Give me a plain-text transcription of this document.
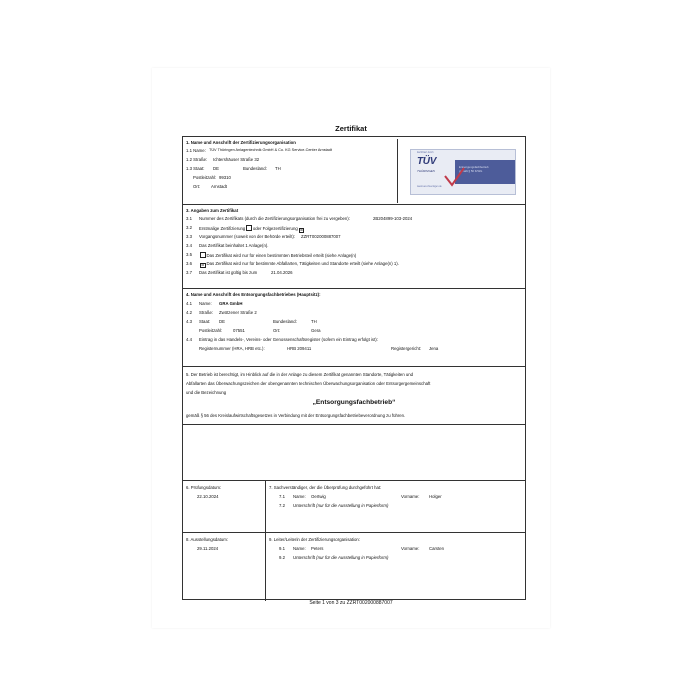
Zertifikat
1. Name und Anschrift der Zertifizierungsorganisation
1.1 Name: TÜV Thüringen Anlagentechnik GmbH & Co. KG Service-Center Arnstadt
1.2 Straße: Ichtershäuser Straße 32
1.3 Staat: DE	Bundesland: TH
Postleitzahl: 99310
Ort:	Arnstadt
Zertifiziert durch
TÜV
THÜRINGEN
www.tuev-thueringen.de
Entsorgungsfachbetrieb
gemäß § 56 KrWG
3. Angaben zum Zertifikat
3.1 Nummer des Zertifikats (durch die Zertifizierungsorganisation frei zu vergeben):	2B204899-103-2024
3.2 Erstmalige Zertifizierung oder Folgezertifizierung ⊠
3.3 Vorgangsnummer (soweit von der Behörde erteilt): ZZRT002000887007
3.4 Das Zertifikat beinhaltet 1 Anlage(n).
3.5	Das Zertifikat wird nur für einen bestimmten Betriebsteil erteilt (siehe Anlage(n)
3.6	⊠ Das Zertifikat wird nur für bestimmte Abfallarten, Tätigkeiten und Standorte erteilt (siehe Anlage(n) 1).
3.7 Das Zertifikat ist gültig bis zum	21.04.2026
4. Name und Anschrift des Entsorgungsfachbetriebes (Hauptsitz):
4.1 Name: GRA GmbH
4.2 Straße: Zwötzener Straße 2
4.3 Staat: DE	Bundesland:	TH
Postleitzahl:	07551	Ort:	Gera
4.4 Eintrag in das Handels-, Vereins- oder Genossenschaftsregister (sofern ein Eintrag erfolgt ist):
Registernummer (HRA, HRB etc.):	HRB 209411	Registergericht: Jena
5. Der Betrieb ist berechtigt, im Hinblick auf die in der Anlage zu diesem Zertifikat genannten Standorte, Tätigkeiten und
Abfallarten das Überwachungszeichen der obengenannten technischen Überwachungsorganisation oder Entsorgergemeinschaft
und die Bezeichnung
„Entsorgungsfachbetrieb“
gemäß § 56 des Kreislaufwirtschaftsgesetzes in Verbindung mit der Entsorgungsfachbetriebeverordnung zu führen.
6. Prüfungsdatum:
22.10.2024
7. Sachverständiger, der die Überprüfung durchgeführt hat:
7.1 Name: Oertwig	Vorname: Holger
7.2 Unterschrift (nur für die Ausstellung in Papierform)
8. Ausstellungsdatum:
29.11.2024
9. Leiter/Leiterin der Zertifizierungsorganisation:
9.1 Name: Peters	Vorname: Carsten
9.2 Unterschrift (nur für die Ausstellung in Papierform)
Seite 1 von 3 zu ZZRT002000887007
